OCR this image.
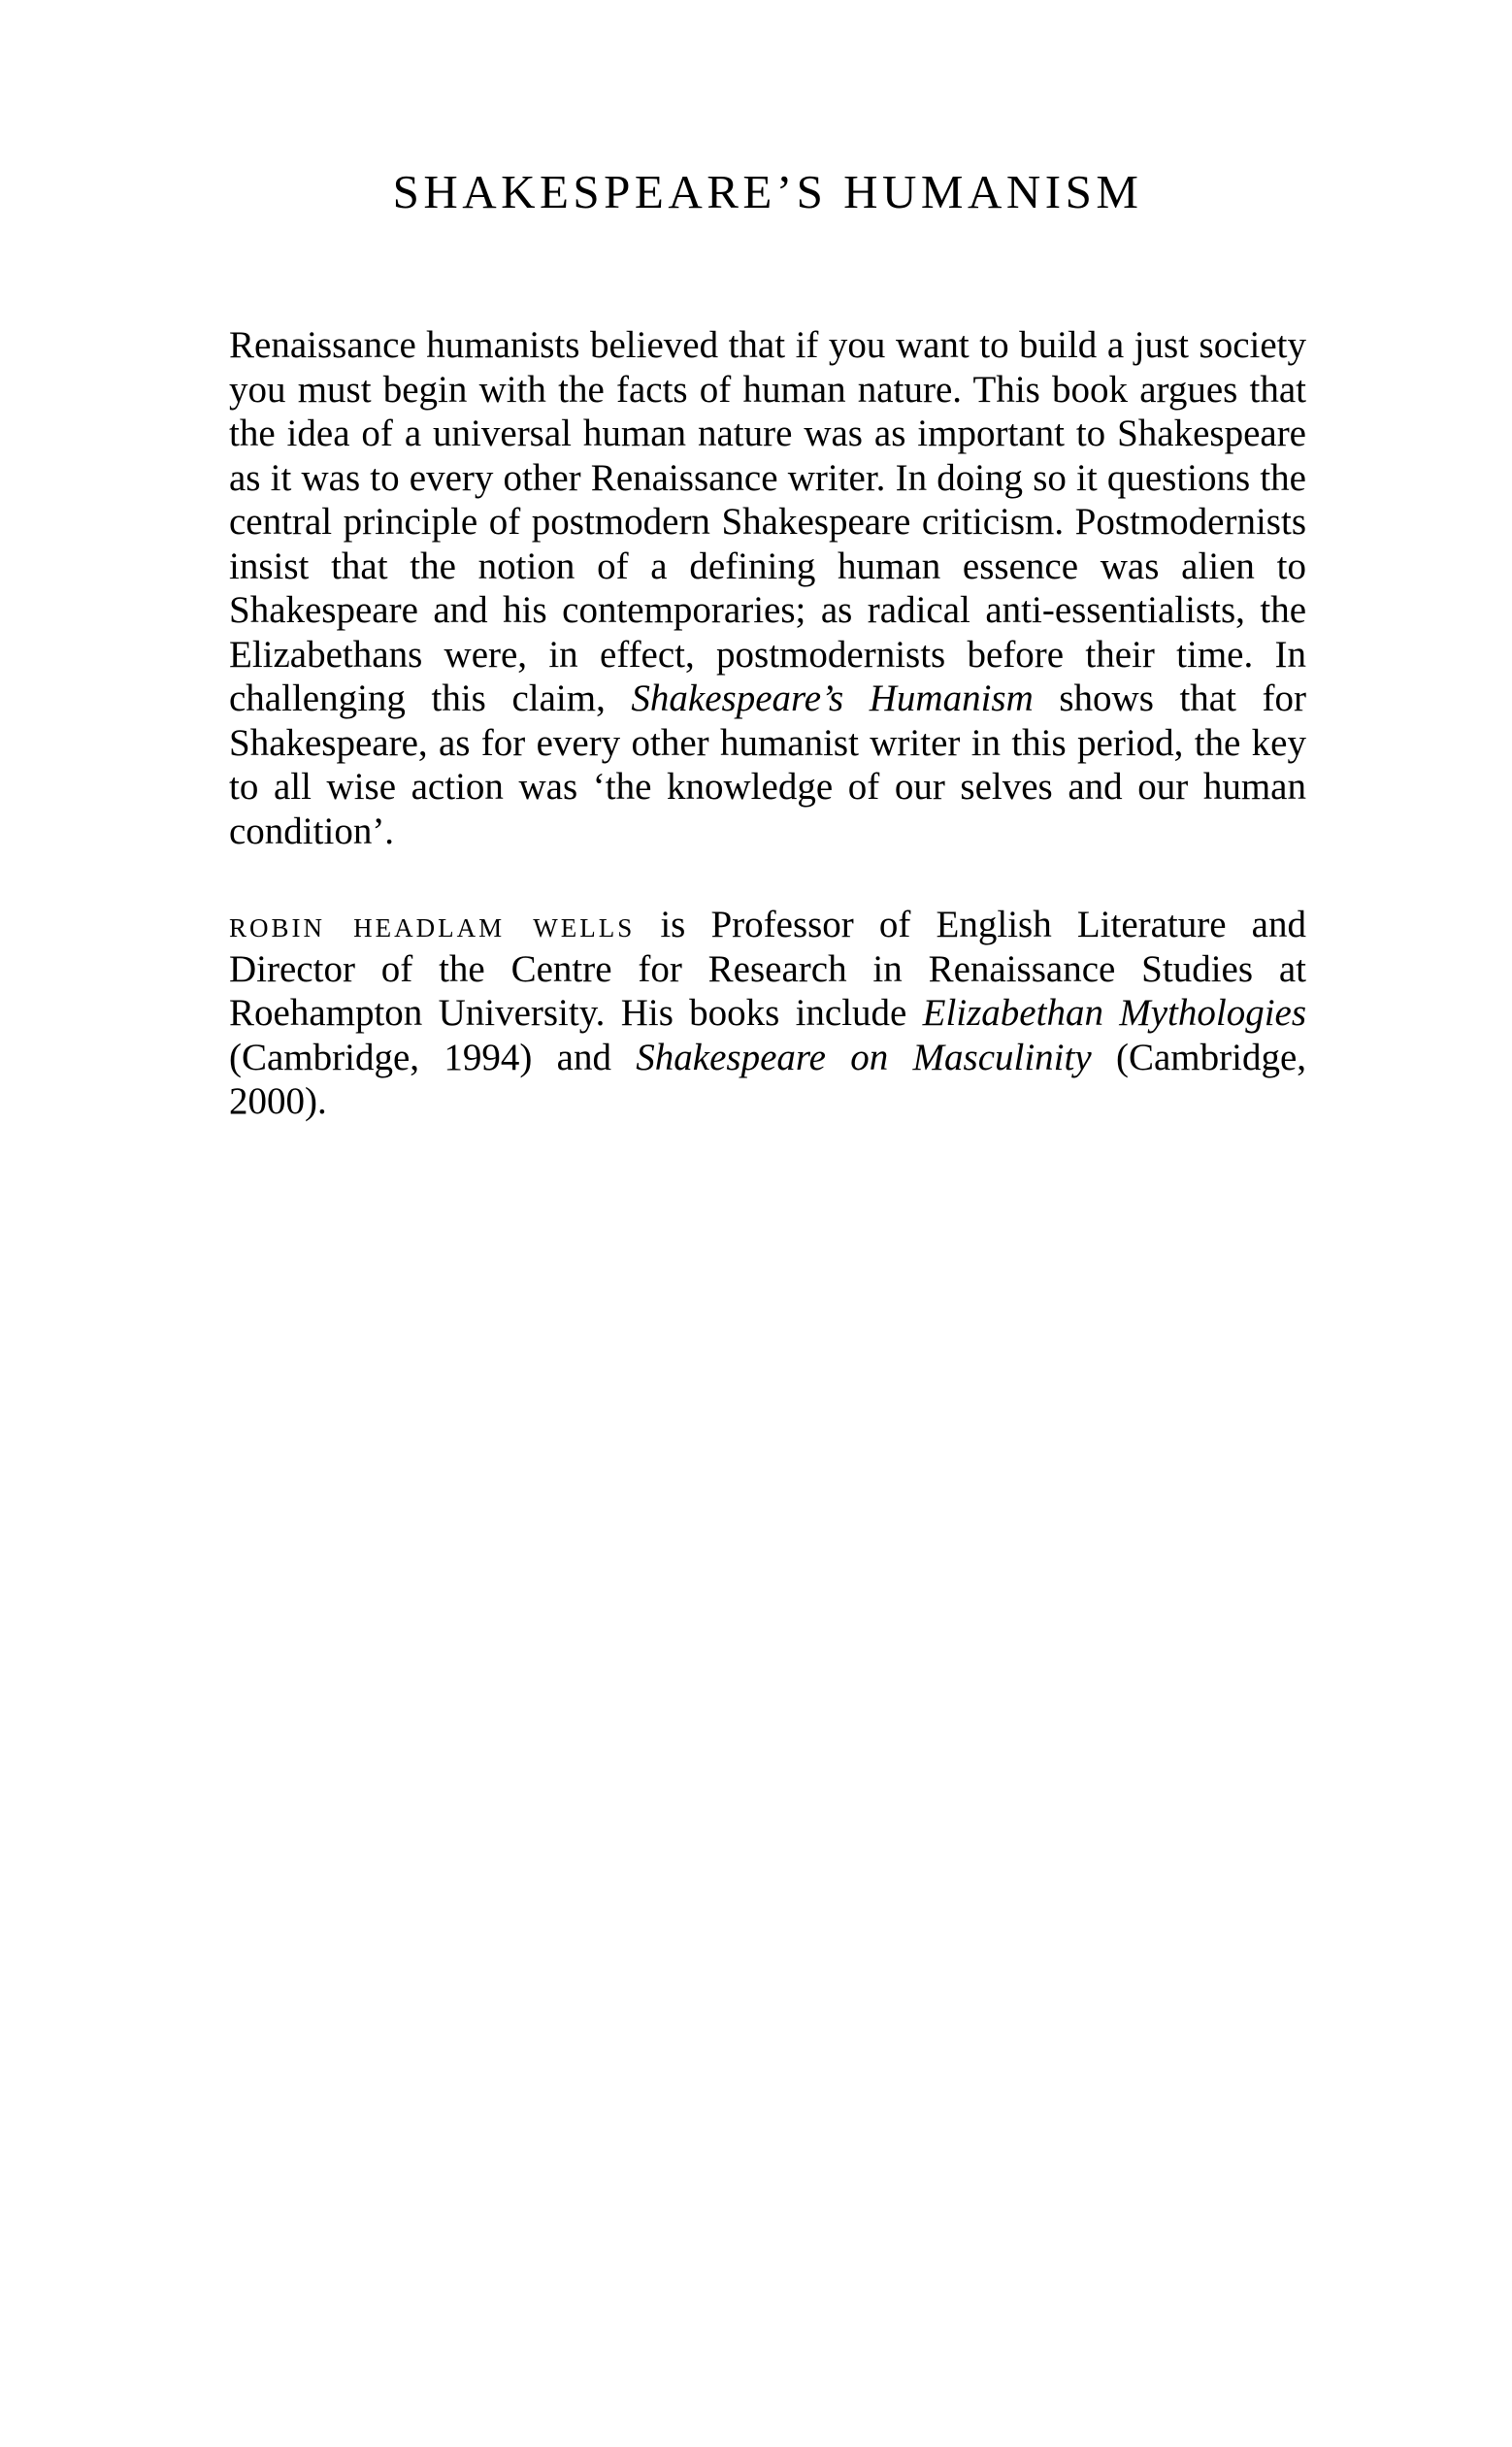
SHAKESPEARE’S HUMANISM

Renaissance humanists believed that if you want to build a just society you must begin with the facts of human nature. This book argues that the idea of a universal human nature was as important to Shakespeare as it was to every other Renaissance writer. In doing so it questions the central principle of postmodern Shakespeare criticism. Postmodernists insist that the notion of a defining human essence was alien to Shakespeare and his contemporaries; as radical anti-essentialists, the Elizabethans were, in effect, postmodernists before their time. In challenging this claim, Shakespeare’s Humanism shows that for Shakespeare, as for every other humanist writer in this period, the key to all wise action was ‘the knowledge of our selves and our human condition’.

robin headlam wells is Professor of English Literature and Director of the Centre for Research in Renaissance Studies at Roehampton University. His books include Elizabethan Mythologies (Cambridge, 1994) and Shakespeare on Masculinity (Cambridge, 2000).
